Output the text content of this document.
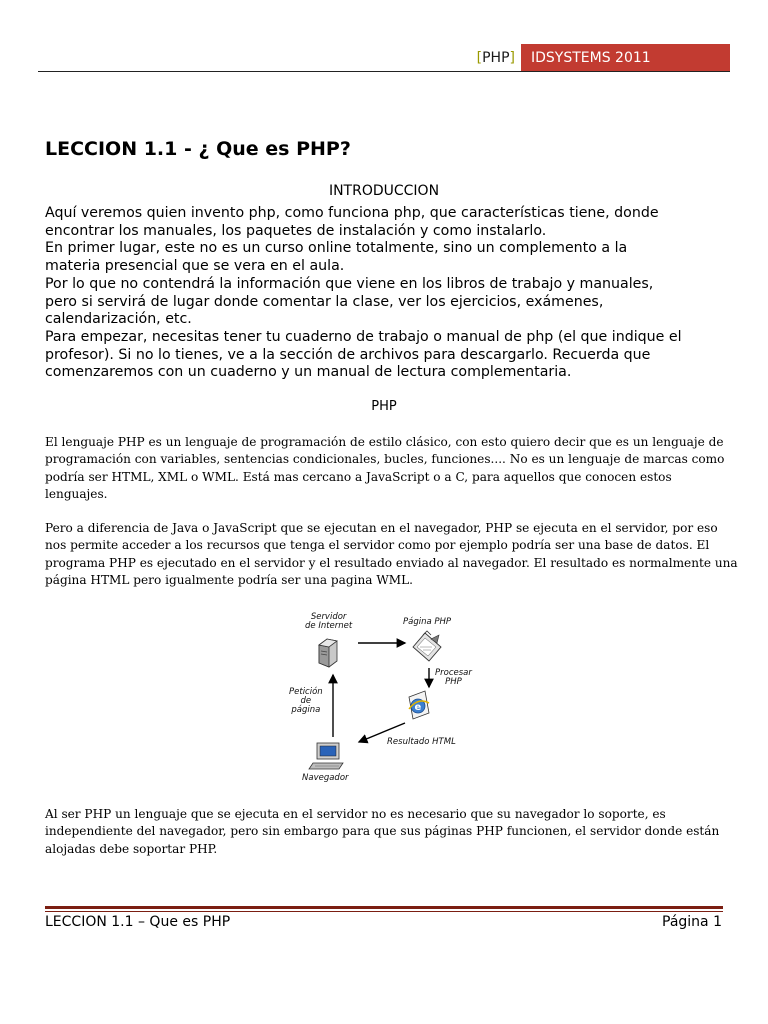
[PHP]	IDSYSTEMS 2011
LECCION 1.1 - ¿ Que es PHP?
INTRODUCCION
Aquí veremos quien invento php, como funciona php, que características tiene, donde
encontrar los manuales, los paquetes de instalación y como instalarlo.
En primer lugar, este no es un curso online totalmente, sino un complemento a la
materia presencial que se vera en el aula.
Por lo que no contendrá la información que viene en los libros de trabajo y manuales,
pero si servirá de lugar donde comentar la clase, ver los ejercicios, exámenes,
calendarización, etc.
Para empezar, necesitas tener tu cuaderno de trabajo o manual de php (el que indique el
profesor). Si no lo tienes, ve a la sección de archivos para descargarlo. Recuerda que
comenzaremos con un cuaderno y un manual de lectura complementaria.
PHP
El lenguaje PHP es un lenguaje de programación de estilo clásico, con esto quiero decir que es un lenguaje de
programación con variables, sentencias condicionales, bucles, funciones.... No es un lenguaje de marcas como
podría ser HTML, XML o WML. Está mas cercano a JavaScript o a C, para aquellos que conocen estos
lenguajes.
Pero a diferencia de Java o JavaScript que se ejecutan en el navegador, PHP se ejecuta en el servidor, por eso
nos permite acceder a los recursos que tenga el servidor como por ejemplo podría ser una base de datos. El
programa PHP es ejecutado en el servidor y el resultado enviado al navegador. El resultado es normalmente una
página HTML pero igualmente podría ser una pagina WML.
e
Servidor
de Internet	Página PHP
Procesar
PHP
Resultado HTML
Petición
de
página
Navegador
Al ser PHP un lenguaje que se ejecuta en el servidor no es necesario que su navegador lo soporte, es
independiente del navegador, pero sin embargo para que sus páginas PHP funcionen, el servidor donde están
alojadas debe soportar PHP.
LECCION 1.1 – Que es PHP	Página 1
